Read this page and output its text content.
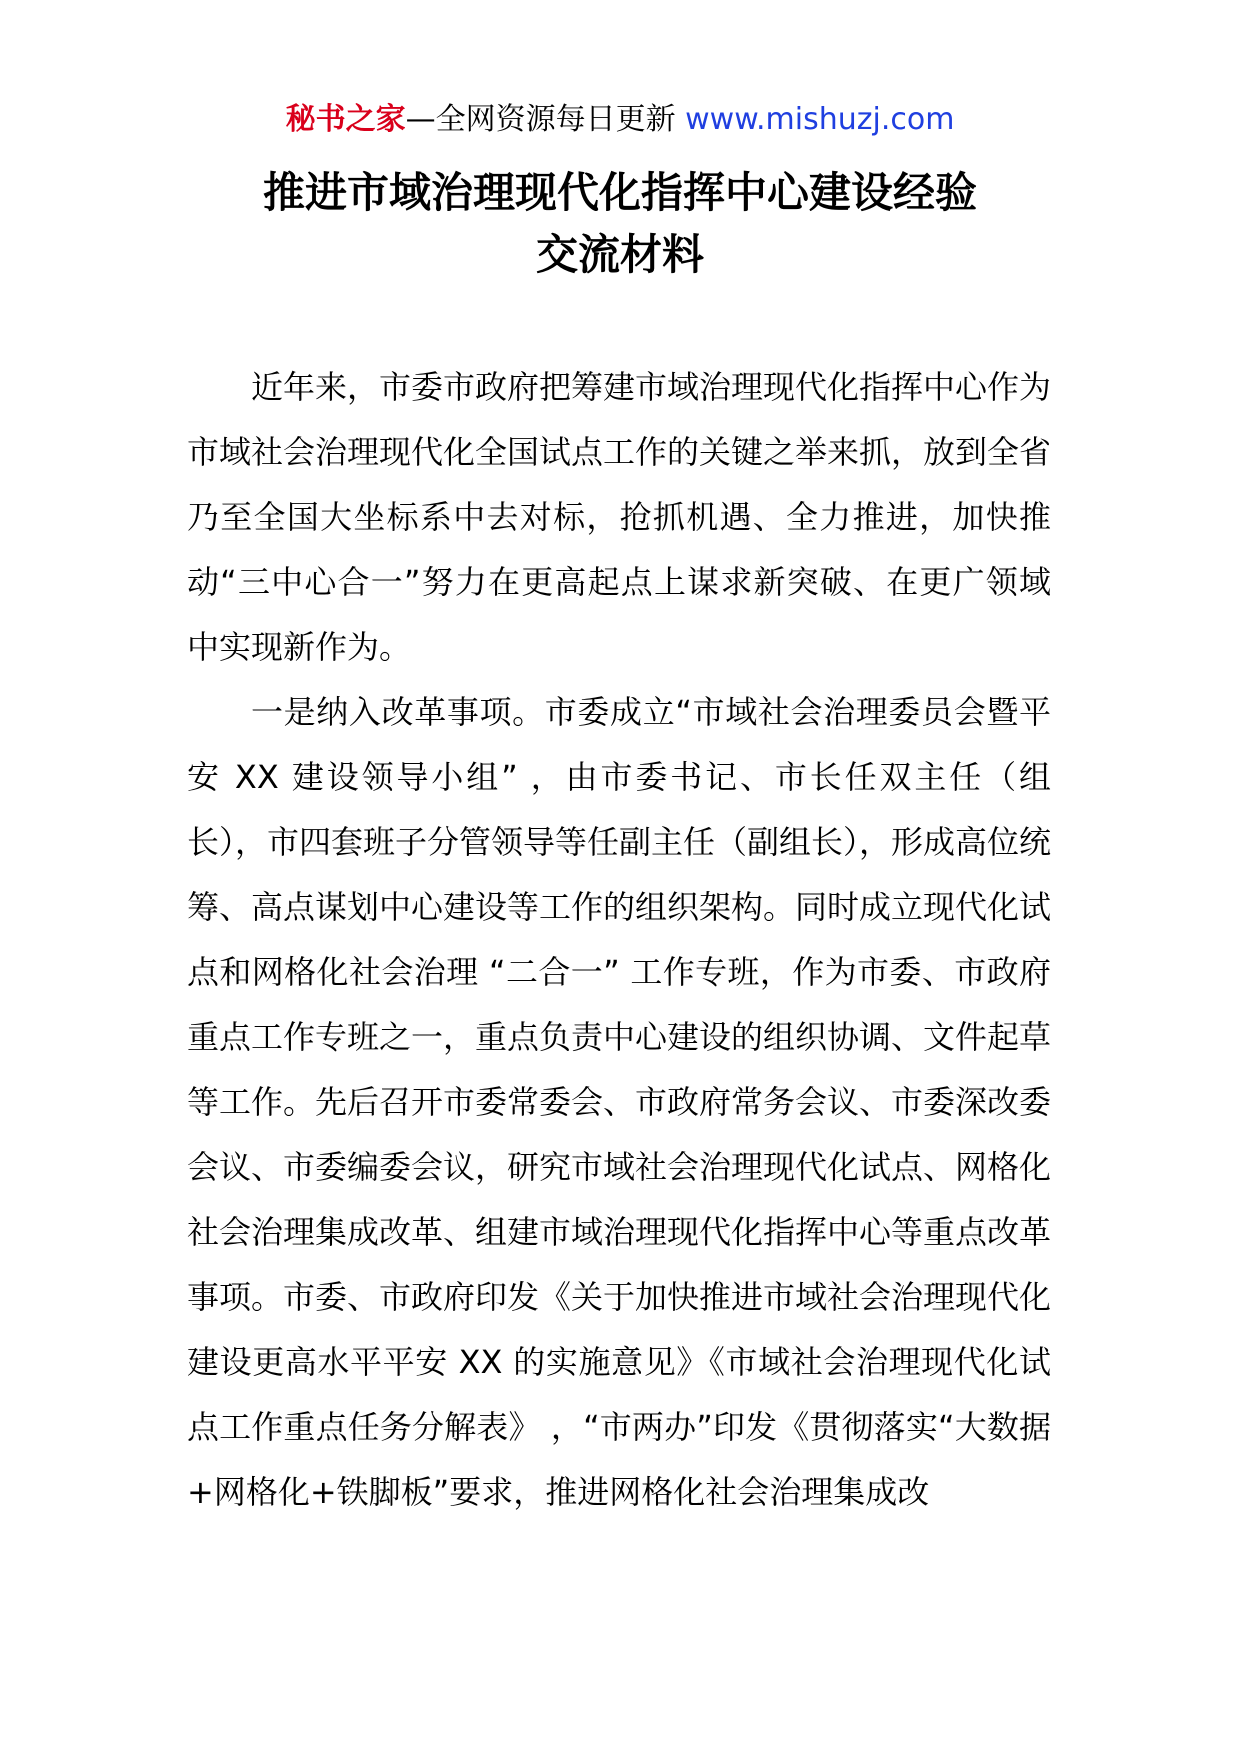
秘书之家—全网资源每日更新 www.mishuzj.com
推进市域治理现代化指挥中心建设经验
交流材料

近年来，市委市政府把筹建市域治理现代化指挥中心作为市域社会治理现代化全国试点工作的关键之举来抓，放到全省乃至全国大坐标系中去对标，抢抓机遇、全力推进，加快推动“三中心合一”努力在更高起点上谋求新突破、在更广领域中实现新作为。

一是纳入改革事项。市委成立“市域社会治理委员会暨平安 XX 建设领导小组” ，由市委书记、市长任双主任（组长），市四套班子分管领导等任副主任（副组长），形成高位统筹、高点谋划中心建设等工作的组织架构。同时成立现代化试点和网格化社会治理 “二合一” 工作专班，作为市委、市政府重点工作专班之一，重点负责中心建设的组织协调、文件起草等工作。先后召开市委常委会、市政府常务会议、市委深改委会议、市委编委会议，研究市域社会治理现代化试点、网格化社会治理集成改革、组建市域治理现代化指挥中心等重点改革事项。市委、市政府印发《关于加快推进市域社会治理现代化建设更高水平平安 XX 的实施意见》《市域社会治理现代化试点工作重点任务分解表》 ，“市两办”印发《贯彻落实“大数据+网格化+铁脚板”要求，推进网格化社会治理集成改
